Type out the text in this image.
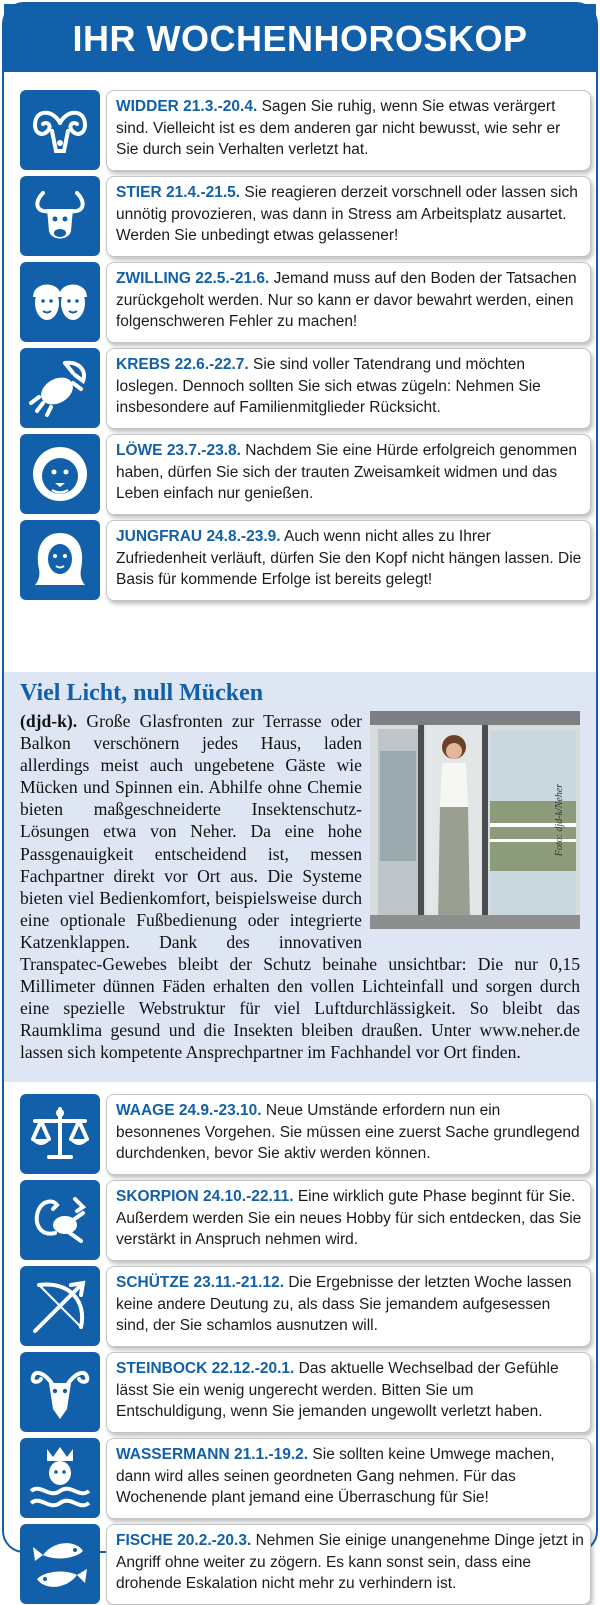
IHR WOCHENHOROSKOP
WIDDER 21.3.-20.4. Sagen Sie ruhig, wenn Sie etwas verärgert sind. Vielleicht ist es dem anderen gar nicht bewusst, wie sehr er Sie durch sein Verhalten verletzt hat.
STIER 21.4.-21.5. Sie reagieren derzeit vorschnell oder lassen sich unnötig provozieren, was dann in Stress am Arbeitsplatz ausartet. Werden Sie unbedingt etwas gelassener!
ZWILLING 22.5.-21.6. Jemand muss auf den Boden der Tatsachen zurückgeholt werden. Nur so kann er davor bewahrt werden, einen folgenschweren Fehler zu machen!
KREBS 22.6.-22.7. Sie sind voller Tatendrang und möchten loslegen. Dennoch sollten Sie sich etwas zügeln: Nehmen Sie insbesondere auf Familienmitglieder Rücksicht.
LÖWE 23.7.-23.8. Nachdem Sie eine Hürde erfolgreich genommen haben, dürfen Sie sich der trauten Zweisamkeit widmen und das Leben einfach nur genießen.
JUNGFRAU 24.8.-23.9. Auch wenn nicht alles zu Ihrer Zufriedenheit verläuft, dürfen Sie den Kopf nicht hängen lassen. Die Basis für kommende Erfolge ist bereits gelegt!
Viel Licht, null Mücken
Foto: djd-k/Neher
(djd-k). Große Glasfronten zur Terrasse oder Balkon verschönern jedes Haus, laden allerdings meist auch ungebetene Gäste wie Mücken und Spinnen ein. Abhilfe ohne Chemie bieten maßgeschneiderte Insektenschutz-Lösungen etwa von Neher. Da eine hohe Passgenauigkeit entscheidend ist, messen Fachpartner direkt vor Ort aus. Die Systeme bieten viel Bedienkomfort, beispielsweise durch eine optionale Fußbedienung oder integrierte Katzenklappen. Dank des innovativen Transpatec-Gewebes bleibt der Schutz beinahe unsichtbar: Die nur 0,15 Millimeter dünnen Fäden erhalten den vollen Lichteinfall und sorgen durch eine spezielle Webstruktur für viel Luftdurchlässigkeit. So bleibt das Raumklima gesund und die Insekten bleiben draußen. Unter www.neher.de lassen sich kompetente Ansprechpartner im Fachhandel vor Ort finden.
WAAGE 24.9.-23.10. Neue Umstände erfordern nun ein besonnenes Vorgehen. Sie müssen eine zuerst Sache grundlegend durchdenken, bevor Sie aktiv werden können.
SKORPION 24.10.-22.11. Eine wirklich gute Phase beginnt für Sie. Außerdem werden Sie ein neues Hobby für sich entdecken, das Sie verstärkt in Anspruch nehmen wird.
SCHÜTZE 23.11.-21.12. Die Ergebnisse der letzten Woche lassen keine andere Deutung zu, als dass Sie jemandem aufgesessen sind, der Sie schamlos ausnutzen will.
STEINBOCK 22.12.-20.1. Das aktuelle Wechselbad der Gefühle lässt Sie ein wenig ungerecht werden. Bitten Sie um Entschuldigung, wenn Sie jemanden ungewollt verletzt haben.
WASSERMANN 21.1.-19.2. Sie sollten keine Umwege machen, dann wird alles seinen geordneten Gang nehmen. Für das Wochenende plant jemand eine Überraschung für Sie!
FISCHE 20.2.-20.3. Nehmen Sie einige unangenehme Dinge jetzt in Angriff ohne weiter zu zögern. Es kann sonst sein, dass eine drohende Eskalation nicht mehr zu verhindern ist.
